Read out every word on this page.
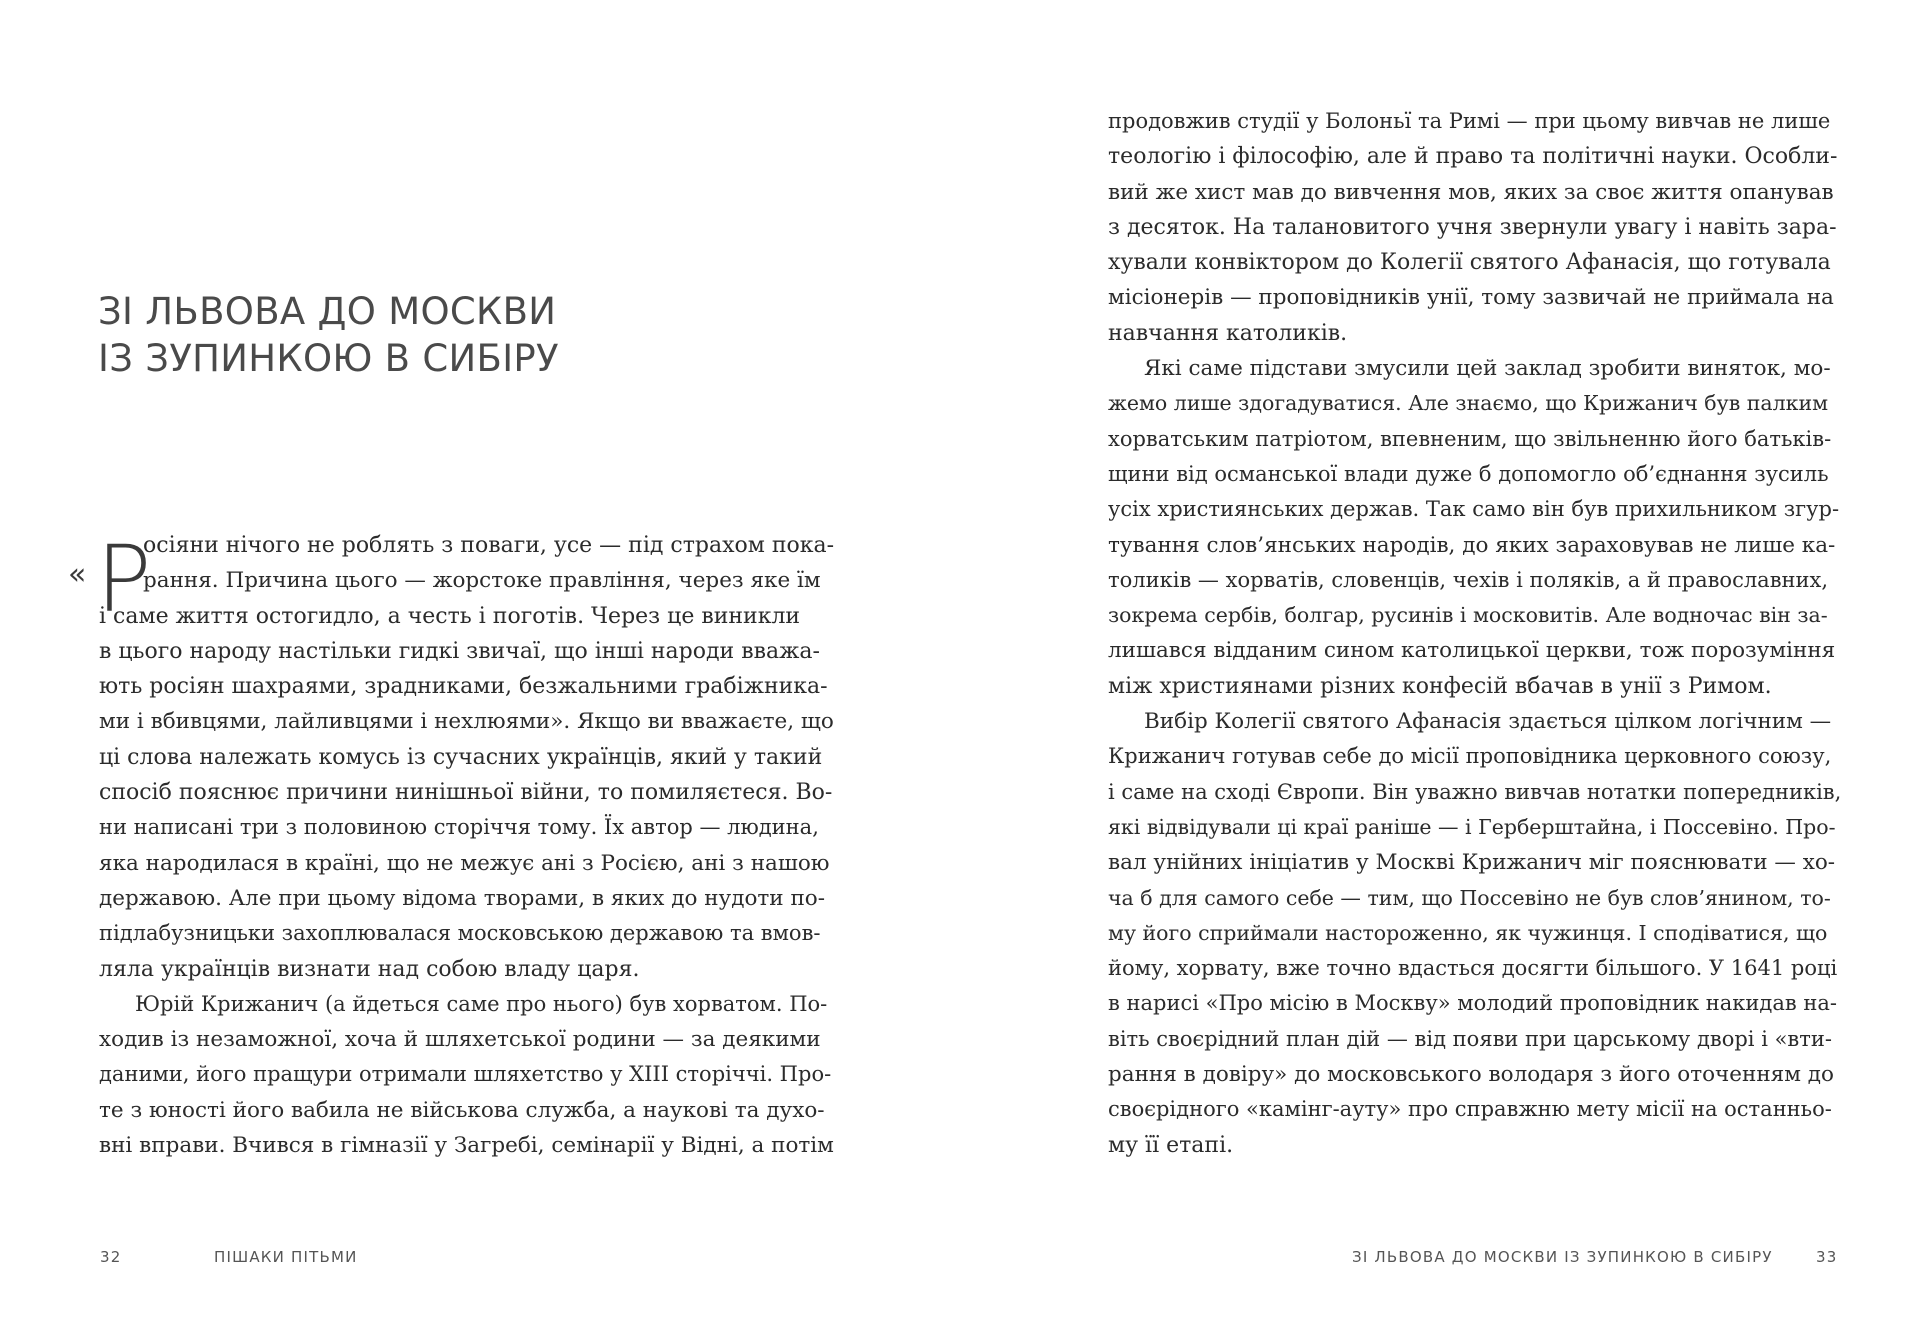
ЗІ ЛЬВОВА ДО МОСКВИ
ІЗ ЗУПИНКОЮ В СИБІРУ
« Р
осіяни нічого не роблять з поваги, усе — під страхом пока-
рання. Причина цього — жорстоке правління, через яке їм
і саме життя остогидло, а честь і поготів. Через це виникли
в цього народу настільки гидкі звичаї, що інші народи вважа-
ють росіян шахраями, зрадниками, безжальними грабіжника-
ми і вбивцями, лайливцями і нехлюями». Якщо ви вважаєте, що
ці слова належать комусь із сучасних українців, який у такий
спосіб пояснює причини нинішньої війни, то помиляєтеся. Во-
ни написані три з половиною сторіччя тому. Їх автор — людина,
яка народилася в країні, що не межує ані з Росією, ані з нашою
державою. Але при цьому відома творами, в яких до нудоти по-
підлабузницьки захоплювалася московською державою та вмов-
ляла українців визнати над собою владу царя.
Юрій Крижанич (а йдеться саме про нього) був хорватом. По-
ходив із незаможної, хоча й шляхетської родини — за деякими
даними, його пращури отримали шляхетство у XIII сторіччі. Про-
те з юності його вабила не військова служба, а наукові та духо-
вні вправи. Вчився в гімназії у Загребі, семінарії у Відні, а потім
32	ПІШАКИ ПІТЬМИ
продовжив студії у Болоньї та Римі — при цьому вивчав не лише
теологію і філософію, але й право та політичні науки. Особли-
вий же хист мав до вивчення мов, яких за своє життя опанував
з десяток. На талановитого учня звернули увагу і навіть зара-
хували конвіктором до Колегії святого Афанасія, що готувала
місіонерів — проповідників унії, тому зазвичай не приймала на
навчання католиків.
Які саме підстави змусили цей заклад зробити виняток, мо-
жемо лише здогадуватися. Але знаємо, що Крижанич був палким
хорватським патріотом, впевненим, що звільненню його батьків-
щини від османської влади дуже б допомогло об’єднання зусиль
усіх християнських держав. Так само він був прихильником згур-
тування слов’янських народів, до яких зараховував не лише ка-
толиків — хорватів, словенців, чехів і поляків, а й православних,
зокрема сербів, болгар, русинів і московитів. Але водночас він за-
лишався відданим сином католицької церкви, тож порозуміння
між християнами різних конфесій вбачав в унії з Римом.
Вибір Колегії святого Афанасія здається цілком логічним —
Крижанич готував себе до місії проповідника церковного союзу,
і саме на сході Європи. Він уважно вивчав нотатки попередників,
які відвідували ці краї раніше — і Герберштайна, і Поссевіно. Про-
вал унійних ініціатив у Москві Крижанич міг пояснювати — хо-
ча б для самого себе — тим, що Поссевіно не був слов’янином, то-
му його сприймали настороженно, як чужинця. І сподіватися, що
йому, хорвату, вже точно вдасться досягти більшого. У 1641 році
в нарисі «Про місію в Москву» молодий проповідник накидав на-
віть своєрідний план дій — від появи при царському дворі і «вти-
рання в довіру» до московського володаря з його оточенням до
своєрідного «камінг-ауту» про справжню мету місії на останньо-
му її етапі.
ЗІ ЛЬВОВА ДО МОСКВИ ІЗ ЗУПИНКОЮ В СИБІРУ	33
